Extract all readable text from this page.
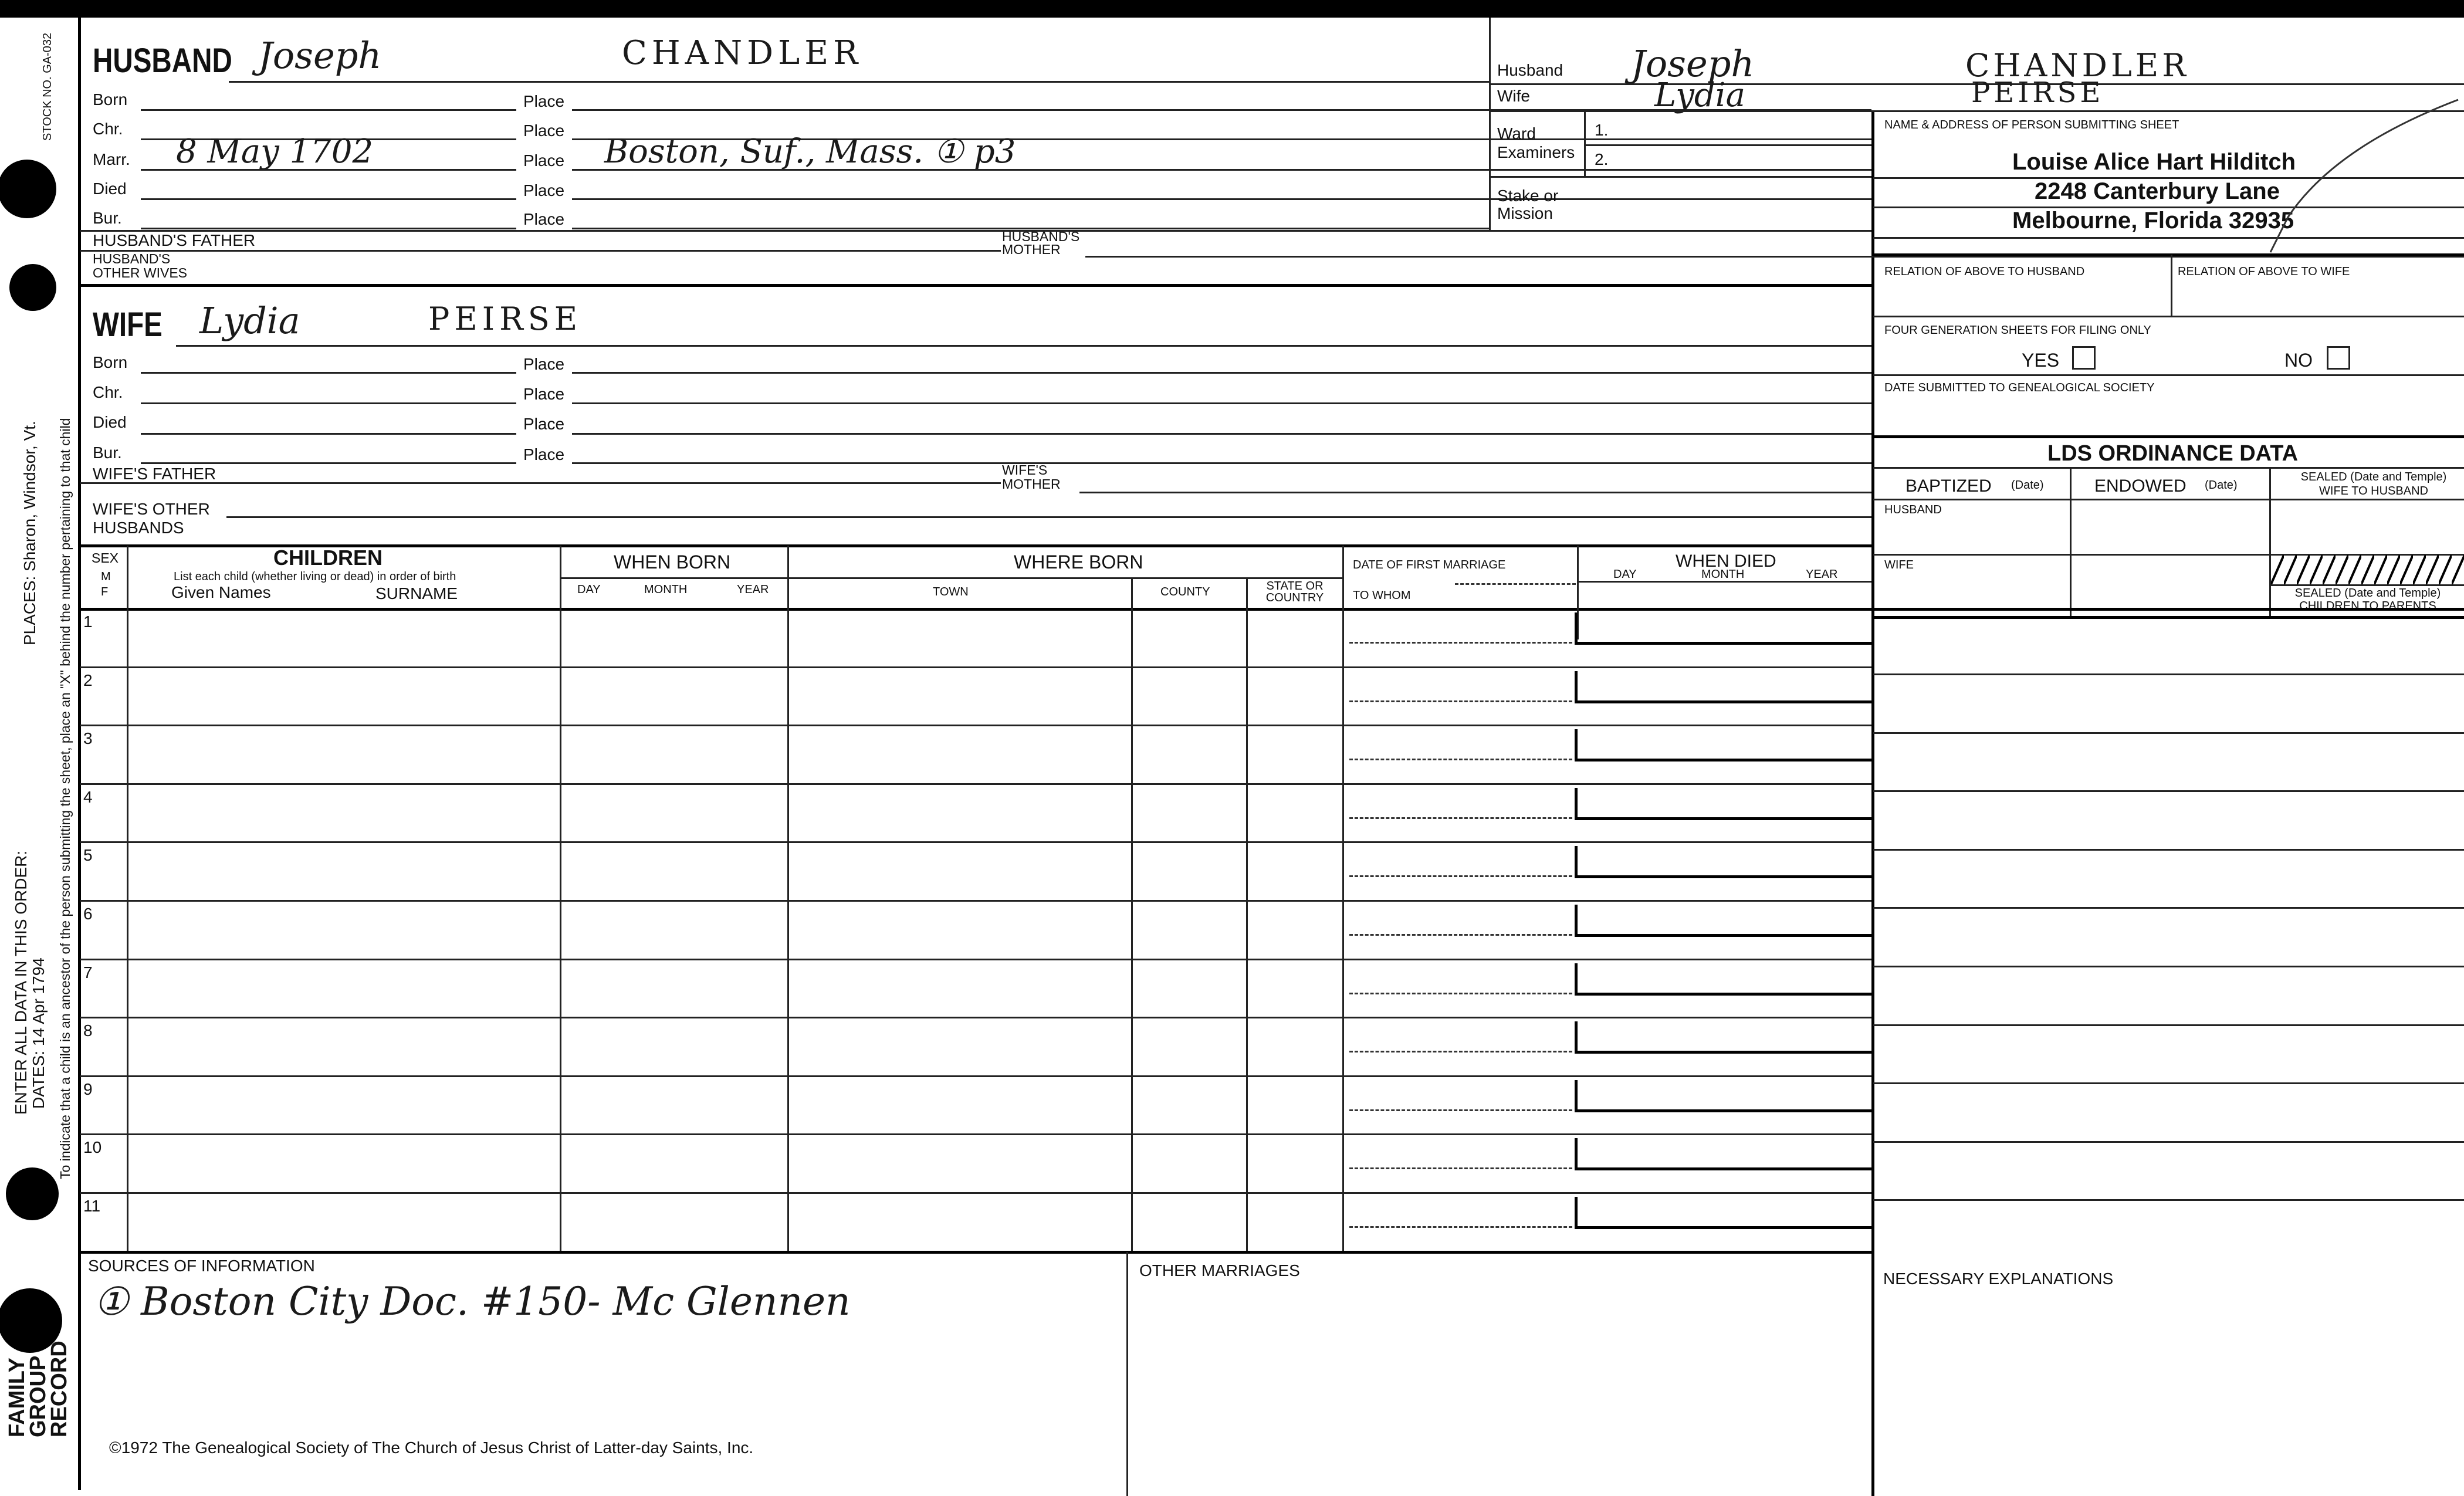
STOCK NO. GA-032
ENTER ALL DATA IN THIS ORDER: DATES: 14 Apr 1794
PLACES: Sharon, Windsor, Vt. To indicate that a child is an ancestor of the person submitting the sheet, place an "X" behind the number pertaining to that child
FAMILY
GROUP
RECORD
HUSBAND Joseph	CHANDLER
Born	Place
Chr.	Place
Marr. 8 May 1702	Place Boston, Suf., Mass. ① p3
Died	Place
Bur.	Place
HUSBAND'S FATHER	HUSBAND'S
MOTHER
HUSBAND'S
OTHER WIVES
WIFE Lydia	PEIRSE
Born	Place
Chr.	Place
Died	Place
Bur.	Place
WIFE'S FATHER	WIFE'S
MOTHER
WIFE'S OTHER
HUSBANDS
Husband Joseph	CHANDLER
Wife	Lydia	PEIRSE
Ward
Examiners
1.
2.
Stake or
Mission
NAME & ADDRESS OF PERSON SUBMITTING SHEET
Louise Alice Hart Hilditch
2248 Canterbury Lane
Melbourne, Florida 32935
RELATION OF ABOVE TO HUSBAND	RELATION OF ABOVE TO WIFE
FOUR GENERATION SHEETS FOR FILING ONLY
YES	NO
DATE SUBMITTED TO GENEALOGICAL SOCIETY
LDS ORDINANCE DATA
BAPTIZED (Date)	ENDOWED (Date)
SEALED (Date and Temple)
WIFE TO HUSBAND
HUSBAND
WIFE
SEALED (Date and Temple)
CHILDREN TO PARENTS
SEX
M
F
CHILDREN
List each child (whether living or dead) in order of birth
Given Names	SURNAME
WHEN BORN
DAY	MONTH	YEAR
WHERE BORN
TOWN	COUNTY	STATE OR
COUNTRY
DATE OF FIRST MARRIAGE
TO WHOM
WHEN DIED
DAY	MONTH	YEAR
1
2
3
4
5
6
7
8
9
10
11
SOURCES OF INFORMATION
① Boston City Doc. #150- Mc Glennen
OTHER MARRIAGES	NECESSARY EXPLANATIONS
©1972 The Genealogical Society of The Church of Jesus Christ of Latter-day Saints, Inc.
